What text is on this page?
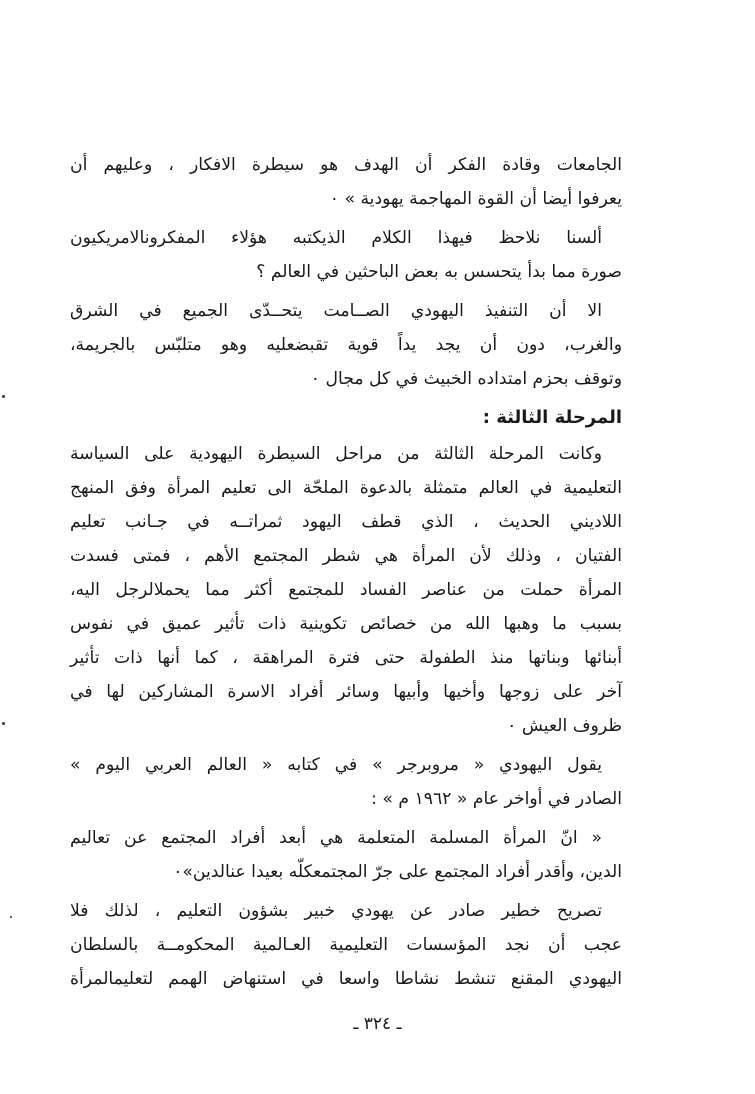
الجامعات وقادة الفكر أن الهدف هو سيطرة الافكار ، وعليهم أن
يعرفوا أيضا أن القوة المهاجمة يهودية » ٠
ألسنا نلاحظ فيهذا الكلام الذيكتبه هؤلاء المفكرونالامريكيون
صورة مما بدأ يتحسس به بعض الباحثين في العالم ؟
الا أن التنفيذ اليهودي الصــامت يتحــدّى الجميع في الشرق
والغرب، دون أن يجد يداً قوية تقبضعليه وهو متلبّس بالجريمة،
وتوقف بحزم امتداده الخبيث في كل مجال ٠
المرحلة الثالثة :
وكانت المرحلة الثالثة من مراحل السيطرة اليهودية على السياسة
التعليمية في العالم متمثلة بالدعوة الملحّة الى تعليم المرأة وفق المنهج
اللاديني الحديث ، الذي قطف اليهود ثمراتــه في جـانب تعليم
الفتيان ، وذلك لأن المرأة هي شطر المجتمع الأهم ، فمتى فسدت
المرأة حملت من عناصر الفساد للمجتمع أكثر مما يحملالرجل اليه،
بسبب ما وهبها الله من خصائص تكوينية ذات تأثير عميق في نفوس
أبنائها وبناتها منذ الطفولة حتى فترة المراهقة ، كما أنها ذات تأثير
آخر على زوجها وأخيها وأبيها وسائر أفراد الاسرة المشاركين لها في
ظروف العيش ٠
يقول اليهودي « مروبرجر » في كتابه « العالم العربي اليوم »
الصادر في أواخر عام « ١٩٦٢ م » :
« انّ المرأة المسلمة المتعلمة هي أبعد أفراد المجتمع عن تعاليم
الدين، وأقدر أفراد المجتمع على جرّ المجتمعكلّه بعيدا عنالدين»٠
تصريح خطير صادر عن يهودي خبير بشؤون التعليم ، لذلك فلا
عجب أن نجد المؤسسات التعليمية العـالمية المحكومــة بالسلطان
اليهودي المقنع تنشط نشاطا واسعا في استنهاض الهمم لتعليمالمرأة
ـ ٣٢٤ ـ
